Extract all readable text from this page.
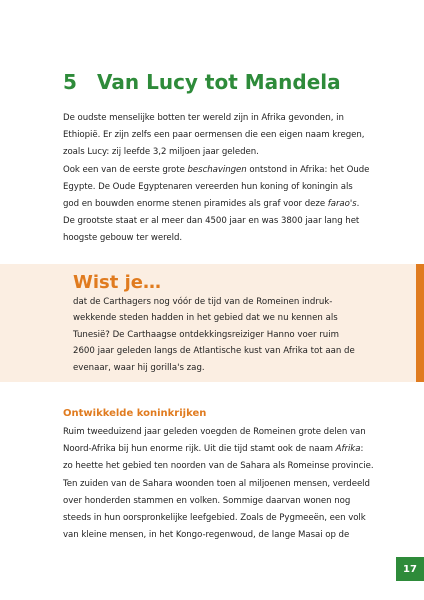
5 Van Lucy tot Mandela
De oudste menselijke botten ter wereld zijn in Afrika gevonden, in
Ethiopië. Er zijn zelfs een paar oermensen die een eigen naam kregen,
zoals Lucy: zij leefde 3,2 miljoen jaar geleden.
Ook een van de eerste grote beschavingen ontstond in Afrika: het Oude
Egypte. De Oude Egyptenaren vereerden hun koning of koningin als
god en bouwden enorme stenen piramides als graf voor deze farao's.
De grootste staat er al meer dan 4500 jaar en was 3800 jaar lang het
hoogste gebouw ter wereld.
Wist je…
dat de Carthagers nog vóór de tijd van de Romeinen indruk-
wekkende steden hadden in het gebied dat we nu kennen als
Tunesië? De Carthaagse ontdekkingsreiziger Hanno voer ruim
2600 jaar geleden langs de Atlantische kust van Afrika tot aan de
evenaar, waar hij gorilla's zag.
Ontwikkelde koninkrijken
Ruim tweeduizend jaar geleden voegden de Romeinen grote delen van
Noord-Afrika bij hun enorme rijk. Uit die tijd stamt ook de naam Afrika:
zo heette het gebied ten noorden van de Sahara als Romeinse provincie.
Ten zuiden van de Sahara woonden toen al miljoenen mensen, verdeeld
over honderden stammen en volken. Sommige daarvan wonen nog
steeds in hun oorspronkelijke leefgebied. Zoals de Pygmeeën, een volk
van kleine mensen, in het Kongo-regenwoud, de lange Masai op de
17
